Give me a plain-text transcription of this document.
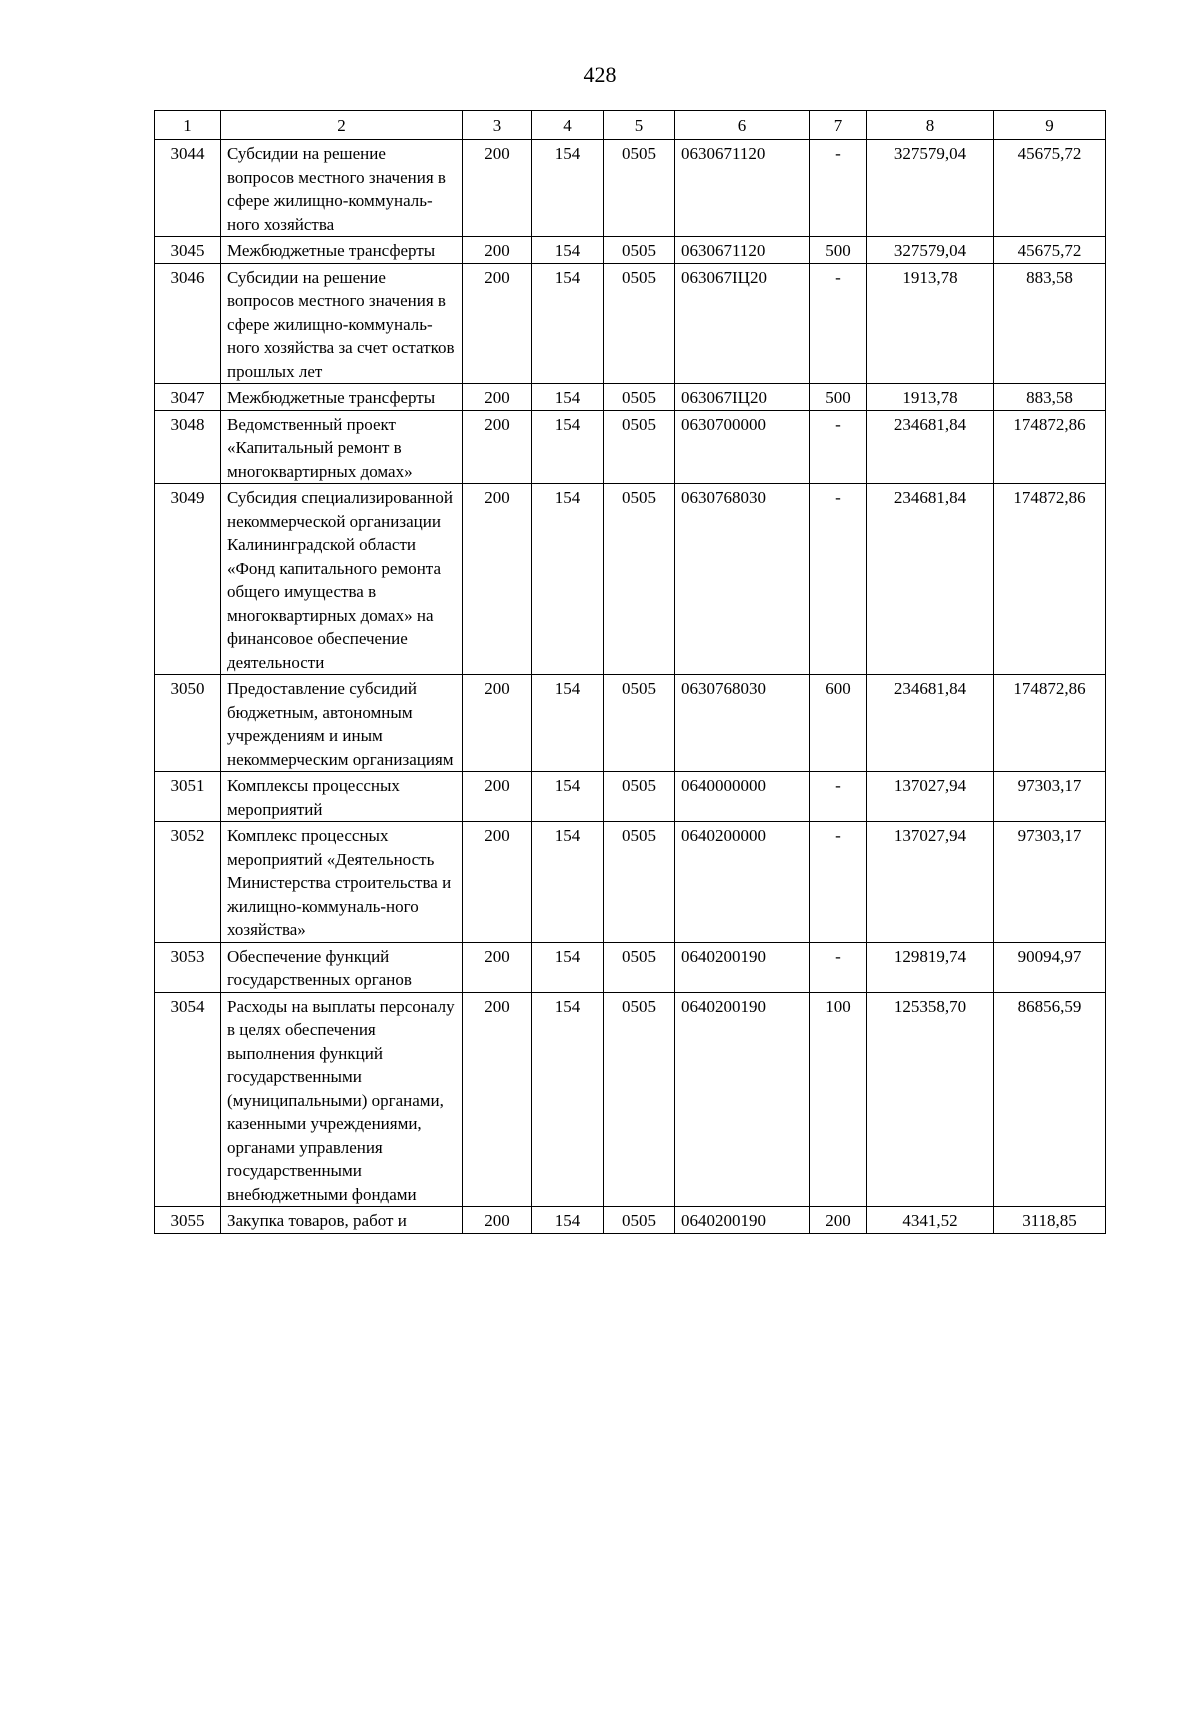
428
1	2	3	4	5	6	7	8	9
3044	Субсидии на решение вопросов местного значения в сфере жилищно-коммуналь-ного хозяйства	200	154	0505	0630671120	-	327579,04	45675,72
3045	Межбюджетные трансферты	200	154	0505	0630671120	500	327579,04	45675,72
3046	Субсидии на решение вопросов местного значения в сфере жилищно-коммуналь-ного хозяйства за счет остатков прошлых лет	200	154	0505	063067IЦ20	-	1913,78	883,58
3047	Межбюджетные трансферты	200	154	0505	063067IЦ20	500	1913,78	883,58
3048	Ведомственный проект «Капитальный ремонт в многоквартирных домах»	200	154	0505	0630700000	-	234681,84	174872,86
3049	Субсидия специализированной некоммерческой организации Калининградской области «Фонд капитального ремонта общего имущества в многоквартирных домах» на финансовое обеспечение деятельности	200	154	0505	0630768030	-	234681,84	174872,86
3050	Предоставление субсидий бюджетным, автономным учреждениям и иным некоммерческим организациям	200	154	0505	0630768030	600	234681,84	174872,86
3051	Комплексы процессных мероприятий	200	154	0505	0640000000	-	137027,94	97303,17
3052	Комплекс процессных мероприятий «Деятельность Министерства строительства и жилищно-коммуналь-ного хозяйства»	200	154	0505	0640200000	-	137027,94	97303,17
3053	Обеспечение функций государственных органов	200	154	0505	0640200190	-	129819,74	90094,97
3054	Расходы на выплаты персоналу в целях обеспечения выполнения функций государственными (муниципальными) органами, казенными учреждениями, органами управления государственными внебюджетными фондами	200	154	0505	0640200190	100	125358,70	86856,59
3055	Закупка товаров, работ и	200	154	0505	0640200190	200	4341,52	3118,85
